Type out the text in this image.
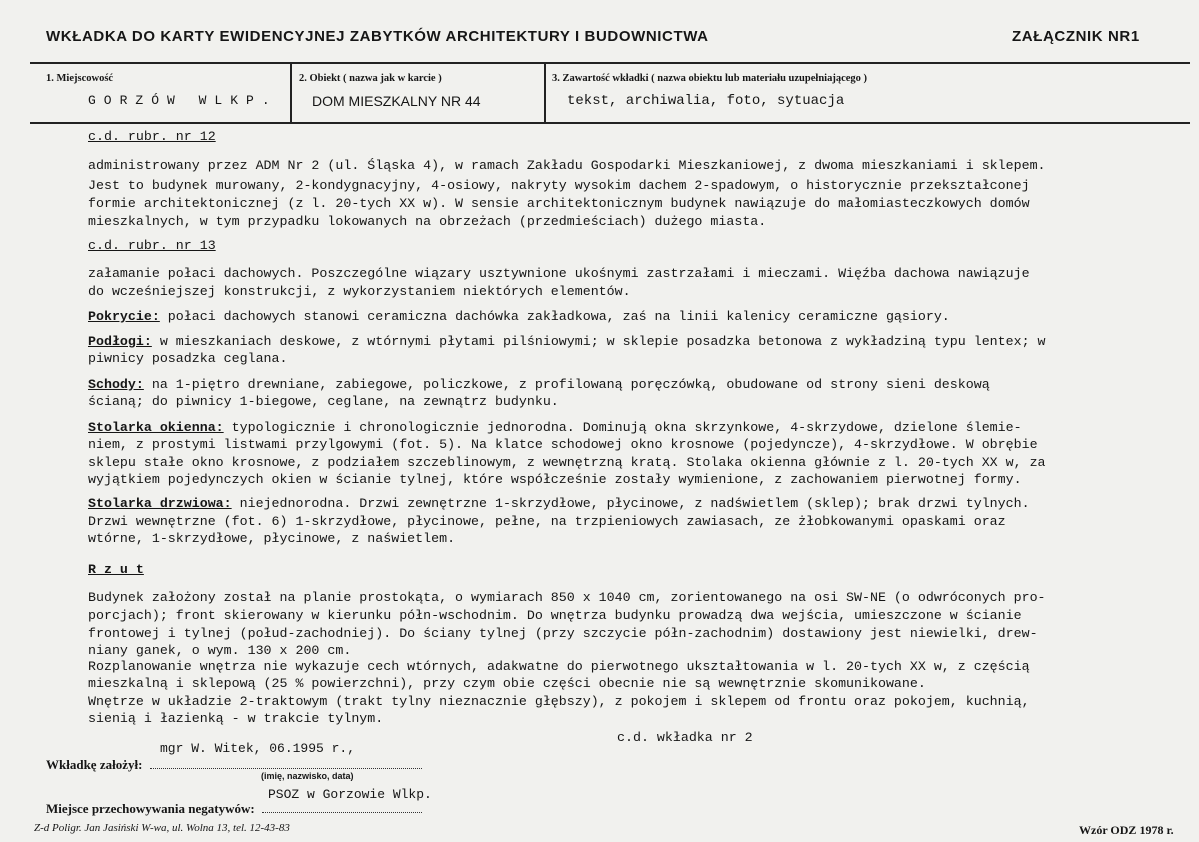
WKŁADKA DO KARTY EWIDENCYJNEJ ZABYTKÓW ARCHITEKTURY I BUDOWNICTWA	ZAŁĄCZNIK NR1
1. Miejscowość
GORZÓW WLKP.
2. Obiekt ( nazwa jak w karcie )
DOM MIESZKALNY NR 44
3. Zawartość wkładki ( nazwa obiektu lub materiału uzupełniającego )
tekst, archiwalia, foto, sytuacja
c.d. rubr. nr 12
administrowany przez ADM Nr 2 (ul. Śląska 4), w ramach Zakładu Gospodarki Mieszkaniowej, z dwoma mieszkaniami i sklepem.
Jest to budynek murowany, 2-kondygnacyjny, 4-osiowy, nakryty wysokim dachem 2-spadowym, o historycznie przekształconej
formie architektonicznej (z l. 20-tych XX w). W sensie architektonicznym budynek nawiązuje do małomiasteczkowych domów
mieszkalnych, w tym przypadku lokowanych na obrzeżach (przedmieściach) dużego miasta.
c.d. rubr. nr 13
załamanie połaci dachowych. Poszczególne wiązary usztywnione ukośnymi zastrzałami i mieczami. Więźba dachowa nawiązuje
do wcześniejszej konstrukcji, z wykorzystaniem niektórych elementów.
Pokrycie: połaci dachowych stanowi ceramiczna dachówka zakładkowa, zaś na linii kalenicy ceramiczne gąsiory.
Podłogi: w mieszkaniach deskowe, z wtórnymi płytami pilśniowymi; w sklepie posadzka betonowa z wykładziną typu lentex; w
piwnicy posadzka ceglana.
Schody: na 1-piętro drewniane, zabiegowe, policzkowe, z profilowaną poręczówką, obudowane od strony sieni deskową
ścianą; do piwnicy 1-biegowe, ceglane, na zewnątrz budynku.
Stolarka okienna: typologicznie i chronologicznie jednorodna. Dominują okna skrzynkowe, 4-skrzydowe, dzielone ślemie-
niem, z prostymi listwami przylgowymi (fot. 5). Na klatce schodowej okno krosnowe (pojedyncze), 4-skrzydłowe. W obrębie
sklepu stałe okno krosnowe, z podziałem szczeblinowym, z wewnętrzną kratą. Stolaka okienna głównie z l. 20-tych XX w, za
wyjątkiem pojedynczych okien w ścianie tylnej, które współcześnie zostały wymienione, z zachowaniem pierwotnej formy.
Stolarka drzwiowa: niejednorodna. Drzwi zewnętrzne 1-skrzydłowe, płycinowe, z nadświetlem (sklep); brak drzwi tylnych.
Drzwi wewnętrzne (fot. 6) 1-skrzydłowe, płycinowe, pełne, na trzpieniowych zawiasach, ze żłobkowanymi opaskami oraz
wtórne, 1-skrzydłowe, płycinowe, z naświetlem.
R z u t
Budynek założony został na planie prostokąta, o wymiarach 850 x 1040 cm, zorientowanego na osi SW-NE (o odwróconych pro-
porcjach); front skierowany w kierunku półn-wschodnim. Do wnętrza budynku prowadzą dwa wejścia, umieszczone w ścianie
frontowej i tylnej (połud-zachodniej). Do ściany tylnej (przy szczycie półn-zachodnim) dostawiony jest niewielki, drew-
niany ganek, o wym. 130 x 200 cm.
Rozplanowanie wnętrza nie wykazuje cech wtórnych, adakwatne do pierwotnego ukształtowania w l. 20-tych XX w, z częścią
mieszkalną i sklepową (25 % powierzchni), przy czym obie części obecnie nie są wewnętrznie skomunikowane.
Wnętrze w układzie 2-traktowym (trakt tylny nieznacznie głębszy), z pokojem i sklepem od frontu oraz pokojem, kuchnią,
sienią i łazienką - w trakcie tylnym.
c.d. wkładka nr 2
mgr W. Witek, 06.1995 r.,
Wkładkę założył:
(imię, nazwisko, data)
PSOZ w Gorzowie Wlkp.
Miejsce przechowywania negatywów:
Z-d Poligr. Jan Jasiński W-wa, ul. Wolna 13, tel. 12-43-83	Wzór ODZ 1978 r.
